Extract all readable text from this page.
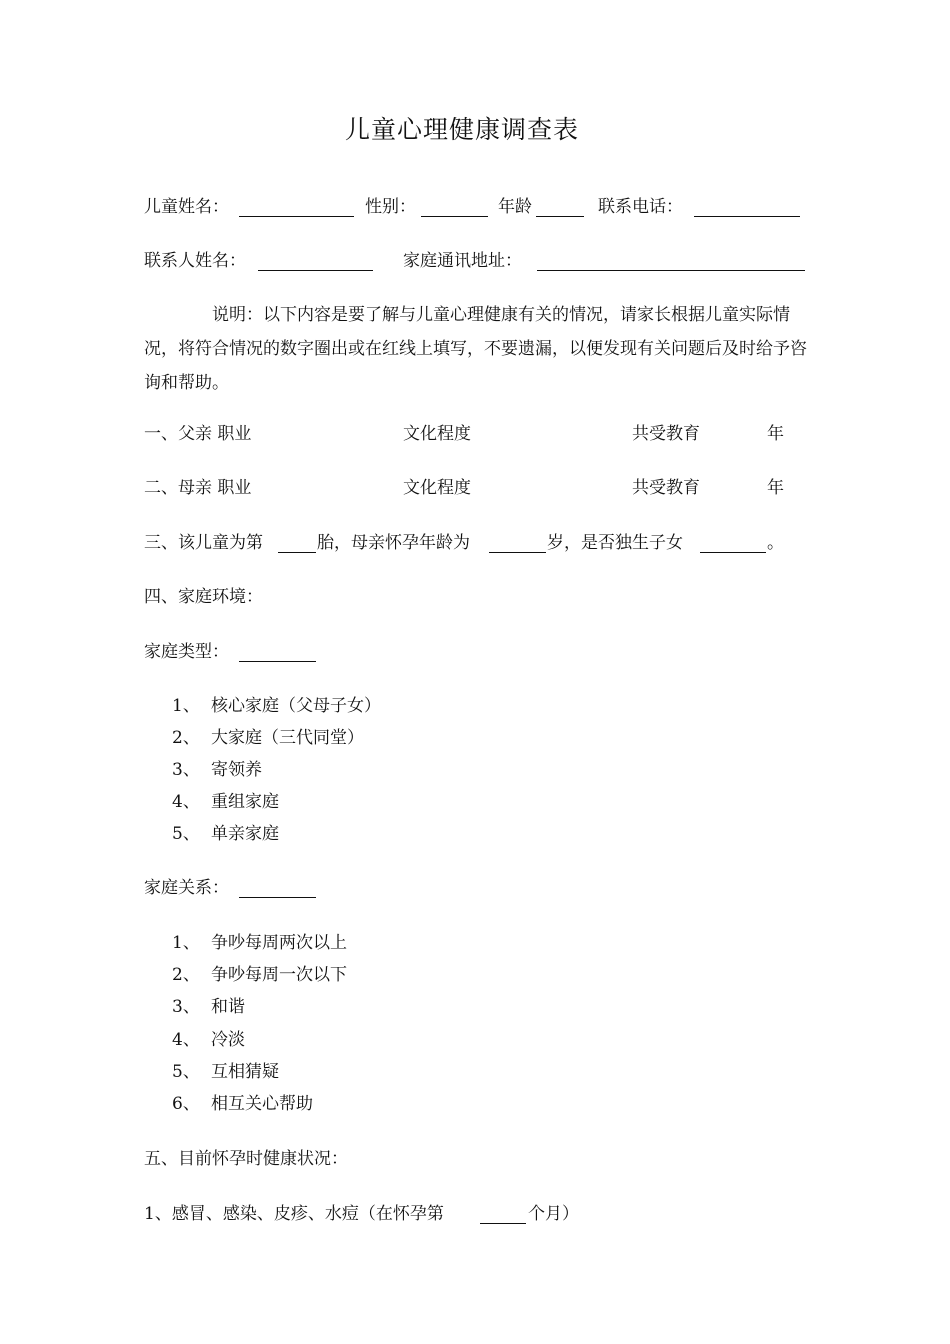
儿童心理健康调查表
儿童姓名：	性别：	年龄	联系电话：
联系人姓名：	家庭通讯地址：
说明：以下内容是要了解与儿童心理健康有关的情况，请家长根据儿童实际情况，将符合情况的数字圈出或在红线上填写，不要遗漏，以便发现有关问题后及时给予咨询和帮助。
一、父亲 职业	文化程度	共受教育	年
二、母亲 职业	文化程度	共受教育	年
三、该儿童为第	胎，母亲怀孕年龄为	岁，是否独生子女	。
四、家庭环境：
家庭类型：
1、 核心家庭（父母子女）
2、 大家庭（三代同堂）
3、 寄领养
4、 重组家庭
5、 单亲家庭
家庭关系：
1、 争吵每周两次以上
2、 争吵每周一次以下
3、 和谐
4、 冷淡
5、 互相猜疑
6、 相互关心帮助
五、目前怀孕时健康状况：
1、感冒、感染、皮疹、水痘（在怀孕第	个月）
